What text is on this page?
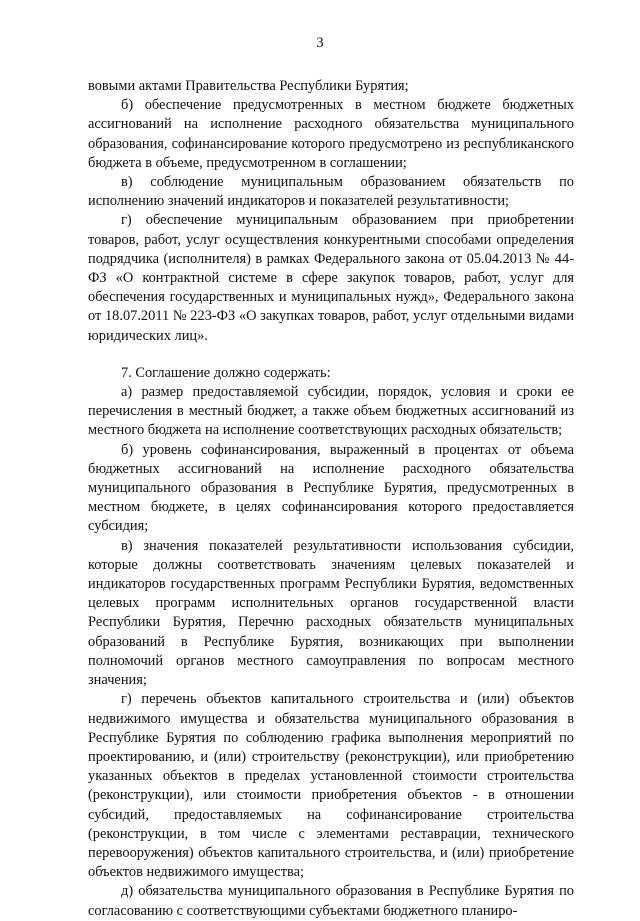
3

вовыми актами Правительства Республики Бурятия;

б) обеспечение предусмотренных в местном бюджете бюджетных ассигнований на исполнение расходного обязательства муниципального образования, софинансирование которого предусмотрено из республиканского бюджета в объеме, предусмотренном в соглашении;

в) соблюдение муниципальным образованием обязательств по исполнению значений индикаторов и показателей результативности;

г) обеспечение муниципальным образованием при приобретении товаров, работ, услуг осуществления конкурентными способами определения подрядчика (исполнителя) в рамках Федерального закона от 05.04.2013 № 44-ФЗ «О контрактной системе в сфере закупок товаров, работ, услуг для обеспечения государственных и муниципальных нужд», Федерального закона от 18.07.2011 № 223-ФЗ «О закупках товаров, работ, услуг отдельными видами юридических лиц».

7. Соглашение должно содержать:

а) размер предоставляемой субсидии, порядок, условия и сроки ее перечисления в местный бюджет, а также объем бюджетных ассигнований из местного бюджета на исполнение соответствующих расходных обязательств;

б) уровень софинансирования, выраженный в процентах от объема бюджетных ассигнований на исполнение расходного обязательства муниципального образования в Республике Бурятия, предусмотренных в местном бюджете, в целях софинансирования которого предоставляется субсидия;

в) значения показателей результативности использования субсидии, которые должны соответствовать значениям целевых показателей и индикаторов государственных программ Республики Бурятия, ведомственных целевых программ исполнительных органов государственной власти Республики Бурятия, Перечню расходных обязательств муниципальных образований в Республике Бурятия, возникающих при выполнении полномочий органов местного самоуправления по вопросам местного значения;

г) перечень объектов капитального строительства и (или) объектов недвижимого имущества и обязательства муниципального образования в Республике Бурятия по соблюдению графика выполнения мероприятий по проектированию, и (или) строительству (реконструкции), или приобретению указанных объектов в пределах установленной стоимости строительства (реконструкции), или стоимости приобретения объектов - в отношении субсидий, предоставляемых на софинансирование строительства (реконструкции, в том числе с элементами реставрации, технического перевооружения) объектов капитального строительства, и (или) приобретение объектов недвижимого имущества;

д) обязательства муниципального образования в Республике Бурятия по согласованию с соответствующими субъектами бюджетного планиро-
